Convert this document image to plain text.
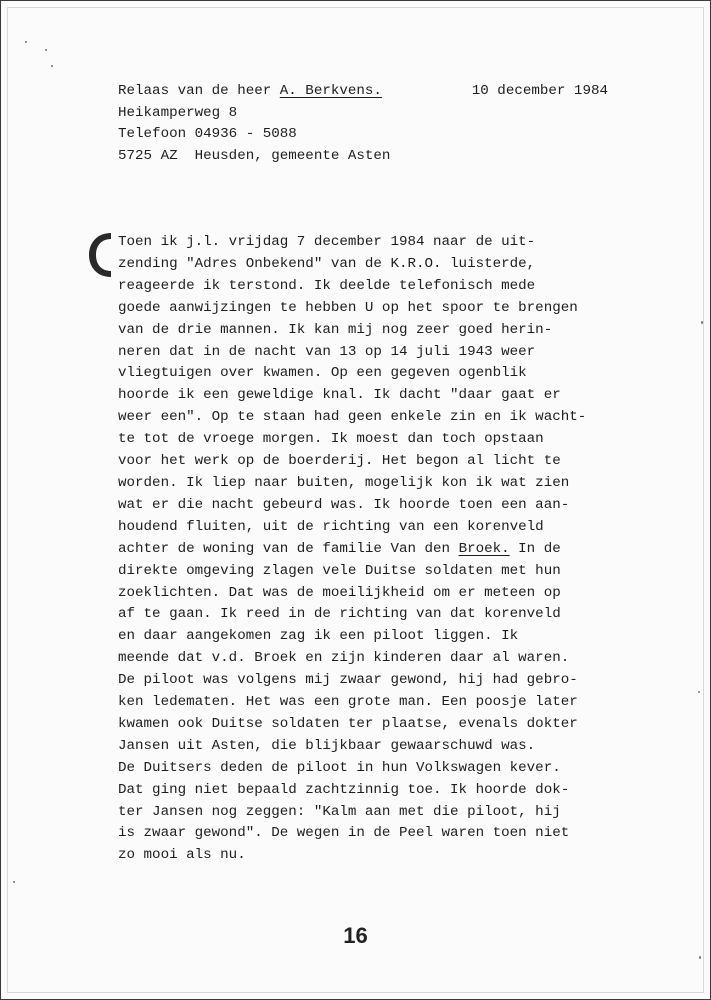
Relaas van de heer A. Berkvens.	10 december 1984
Heikamperweg 8
Telefoon 04936 - 5088
5725 AZ  Heusden, gemeente Asten
Toen ik j.l. vrijdag 7 december 1984 naar de uit-
zending "Adres Onbekend" van de K.R.O. luisterde,
reageerde ik terstond. Ik deelde telefonisch mede
goede aanwijzingen te hebben U op het spoor te brengen
van de drie mannen. Ik kan mij nog zeer goed herin-
neren dat in de nacht van 13 op 14 juli 1943 weer
vliegtuigen over kwamen. Op een gegeven ogenblik
hoorde ik een geweldige knal. Ik dacht "daar gaat er
weer een". Op te staan had geen enkele zin en ik wacht-
te tot de vroege morgen. Ik moest dan toch opstaan
voor het werk op de boerderij. Het begon al licht te
worden. Ik liep naar buiten, mogelijk kon ik wat zien
wat er die nacht gebeurd was. Ik hoorde toen een aan-
houdend fluiten, uit de richting van een korenveld
achter de woning van de familie Van den Broek. In de
direkte omgeving zlagen vele Duitse soldaten met hun
zoeklichten. Dat was de moeilijkheid om er meteen op
af te gaan. Ik reed in de richting van dat korenveld
en daar aangekomen zag ik een piloot liggen. Ik
meende dat v.d. Broek en zijn kinderen daar al waren.
De piloot was volgens mij zwaar gewond, hij had gebro-
ken ledematen. Het was een grote man. Een poosje later
kwamen ook Duitse soldaten ter plaatse, evenals dokter
Jansen uit Asten, die blijkbaar gewaarschuwd was.
De Duitsers deden de piloot in hun Volkswagen kever.
Dat ging niet bepaald zachtzinnig toe. Ik hoorde dok-
ter Jansen nog zeggen: "Kalm aan met die piloot, hij
is zwaar gewond". De wegen in de Peel waren toen niet
zo mooi als nu.
16
